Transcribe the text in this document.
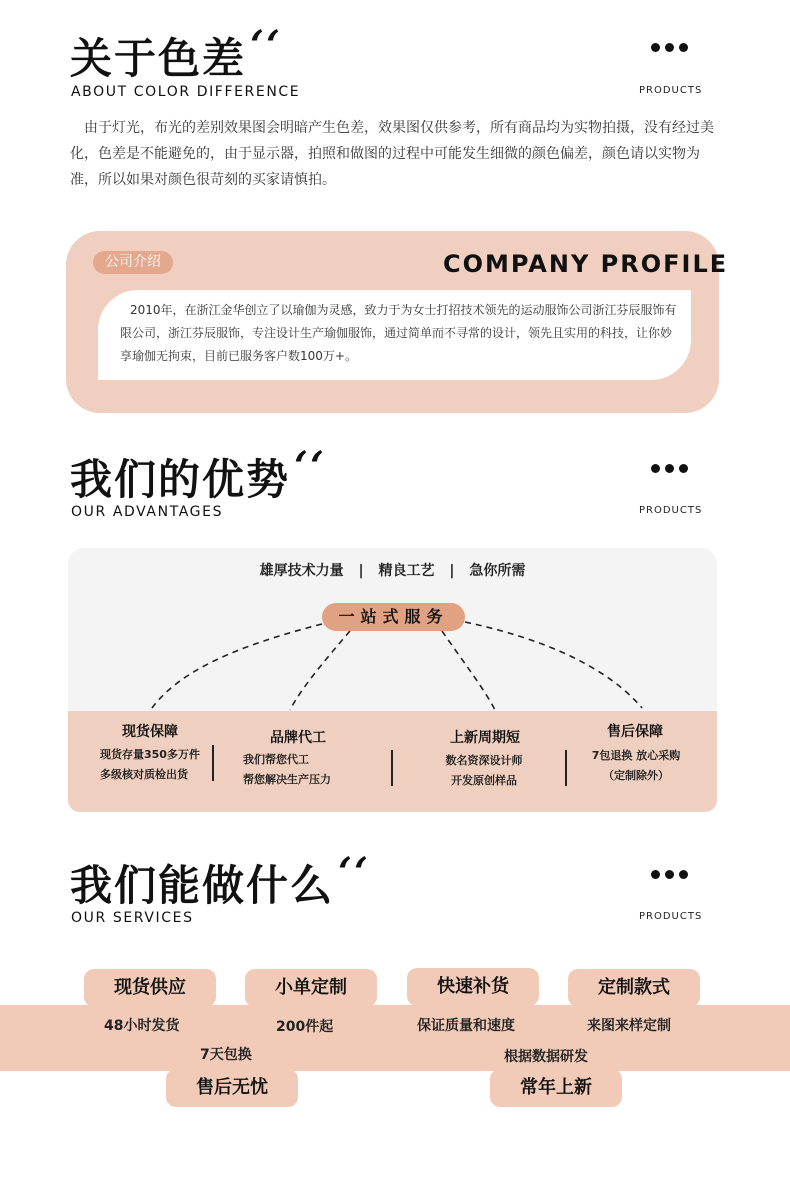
关于色差 ‘‘
ABOUT COLOR DIFFERENCE	PRODUCTS
由于灯光，布光的差别效果图会明暗产生色差，效果图仅供参考，所有商品均为实物拍摄，没有经过美化，色差是不能避免的，由于显示器，拍照和做图的过程中可能发生细微的颜色偏差，颜色请以实物为准，所以如果对颜色很苛刻的买家请慎拍。
公司介绍	COMPANY PROFILE
2010年，在浙江金华创立了以瑜伽为灵感，致力于为女士打招技术领先的运动服饰公司浙江芬辰服饰有限公司，浙江芬辰服饰，专注设计生产瑜伽服饰，通过简单而不寻常的设计，领先且实用的科技，让你妙享瑜伽无拘束，目前已服务客户数100万+。
我们的优势 ‘‘
OUR ADVANTAGES	PRODUCTS
雄厚技术力量 | 精良工艺 | 急你所需
一站式服务
现货保障
现货存量350多万件
多级核对质检出货
品牌代工
我们帮您代工
帮您解决生产压力
上新周期短
数名资深设计师
开发原创样品
售后保障
7包退换 放心采购
（定制除外）
我们能做什么 ‘‘
OUR SERVICES	PRODUCTS
现货供应	小单定制	快速补货	定制款式
48小时发货	200件起	保证质量和速度	来图来样定制
7天包换	根据数据研发
售后无忧	常年上新
